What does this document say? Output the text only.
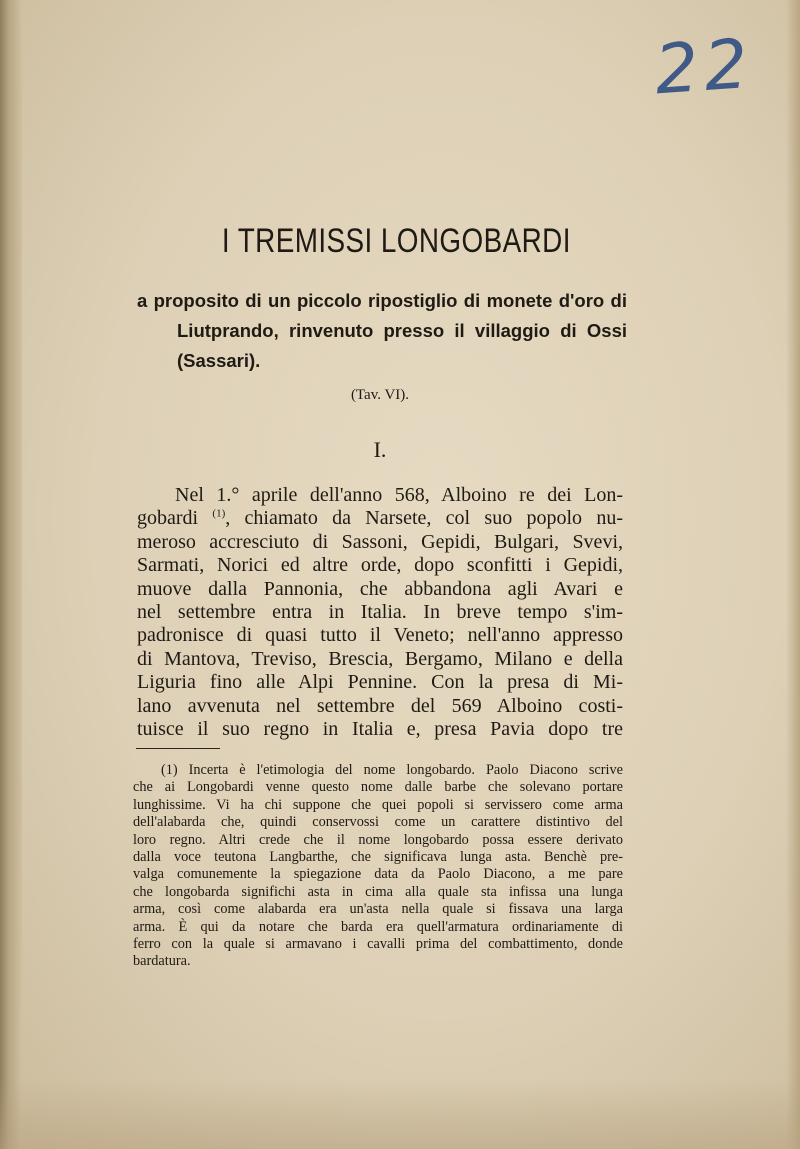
22
I TREMISSI LONGOBARDI
a proposito di un piccolo ripostiglio di monete d'oro di
Liutprando, rinvenuto presso il villaggio di Ossi
(Sassari).
(Tav. VI).
I.
Nel 1.° aprile dell'anno 568, Alboino re dei Lon-
gobardi $^{(1)}$, chiamato da Narsete, col suo popolo nu-
meroso accresciuto di Sassoni, Gepidi, Bulgari, Svevi,
Sarmati, Norici ed altre orde, dopo sconfitti i Gepidi,
muove dalla Pannonia, che abbandona agli Avari e
nel settembre entra in Italia. In breve tempo s'im-
padronisce di quasi tutto il Veneto; nell'anno appresso
di Mantova, Treviso, Brescia, Bergamo, Milano e della
Liguria fino alle Alpi Pennine. Con la presa di Mi-
lano avvenuta nel settembre del 569 Alboino costi-
tuisce il suo regno in Italia e, presa Pavia dopo tre
(1) Incerta è l'etimologia del nome longobardo. Paolo Diacono scrive
che ai Longobardi venne questo nome dalle barbe che solevano portare
lunghissime. Vi ha chi suppone che quei popoli si servissero come arma
dell'alabarda che, quindi conservossi come un carattere distintivo del
loro regno. Altri crede che il nome longobardo possa essere derivato
dalla voce teutona Langbarthe, che significava lunga asta. Benchè pre-
valga comunemente la spiegazione data da Paolo Diacono, a me pare
che longobarda significhi asta in cima alla quale sta infissa una lunga
arma, così come alabarda era un'asta nella quale si fissava una larga
arma. È qui da notare che barda era quell'armatura ordinariamente di
ferro con la quale si armavano i cavalli prima del combattimento, donde
bardatura.
